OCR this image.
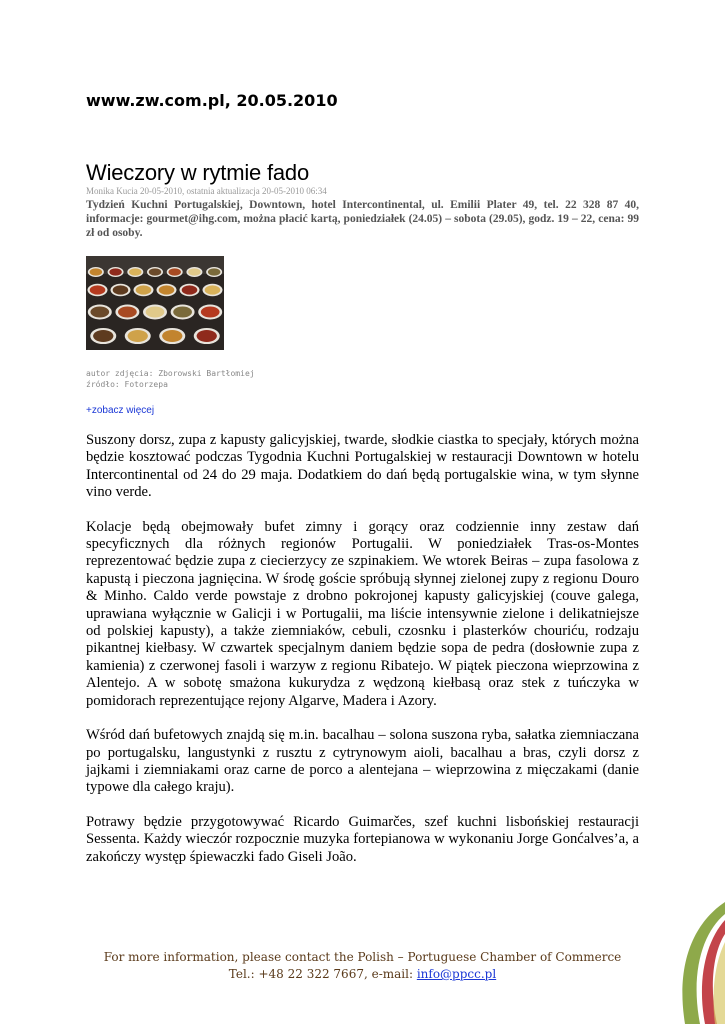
www.zw.com.pl, 20.05.2010
Wieczory w rytmie fado
Monika Kucia 20-05-2010, ostatnia aktualizacja 20-05-2010 06:34
Tydzień Kuchni Portugalskiej, Downtown, hotel Intercontinental, ul. Emilii Plater 49, tel. 22 328 87 40, informacje: gourmet@ihg.com, można płacić kartą, poniedziałek (24.05) – sobota (29.05), godz. 19 – 22, cena: 99 zł od osoby.
autor zdjęcia: Zborowski Bartłomiej
źródło: Fotorzepa
+zobacz więcej

Suszony dorsz, zupa z kapusty galicyjskiej, twarde, słodkie ciastka to specjały, których można będzie kosztować podczas Tygodnia Kuchni Portugalskiej w restauracji Downtown w hotelu Intercontinental od 24 do 29 maja. Dodatkiem do dań będą portugalskie wina, w tym słynne vino verde.

Kolacje będą obejmowały bufet zimny i gorący oraz codziennie inny zestaw dań specyficznych dla różnych regionów Portugalii. W poniedziałek Tras-os-Montes reprezentować będzie zupa z ciecierzycy ze szpinakiem. We wtorek Beiras – zupa fasolowa z kapustą i pieczona jagnięcina. W środę goście spróbują słynnej zielonej zupy z regionu Douro & Minho. Caldo verde powstaje z drobno pokrojonej kapusty galicyjskiej (couve galega, uprawiana wyłącznie w Galicji i w Portugalii, ma liście intensywnie zielone i delikatniejsze od polskiej kapusty), a także ziemniaków, cebuli, czosnku i plasterków chouriću, rodzaju pikantnej kiełbasy. W czwartek specjalnym daniem będzie sopa de pedra (dosłownie zupa z kamienia) z czerwonej fasoli i warzyw z regionu Ribatejo. W piątek pieczona wieprzowina z Alentejo. A w sobotę smażona kukurydza z wędzoną kiełbasą oraz stek z tuńczyka w pomidorach reprezentujące rejony Algarve, Madera i Azory.

Wśród dań bufetowych znajdą się m.in. bacalhau – solona suszona ryba, sałatka ziemniaczana po portugalsku, langustynki z rusztu z cytrynowym aioli, bacalhau a bras, czyli dorsz z jajkami i ziemniakami oraz carne de porco a alentejana – wieprzowina z mięczakami (danie typowe dla całego kraju).

Potrawy będzie przygotowywać Ricardo Guimarčes, szef kuchni lisbońskiej restauracji Sessenta. Każdy wieczór rozpocznie muzyka fortepianowa w wykonaniu Jorge Gonćalves’a, a zakończy występ śpiewaczki fado Giseli João.

For more information, please contact the Polish – Portuguese Chamber of Commerce
Tel.: +48 22 322 7667, e-mail: info@ppcc.pl
